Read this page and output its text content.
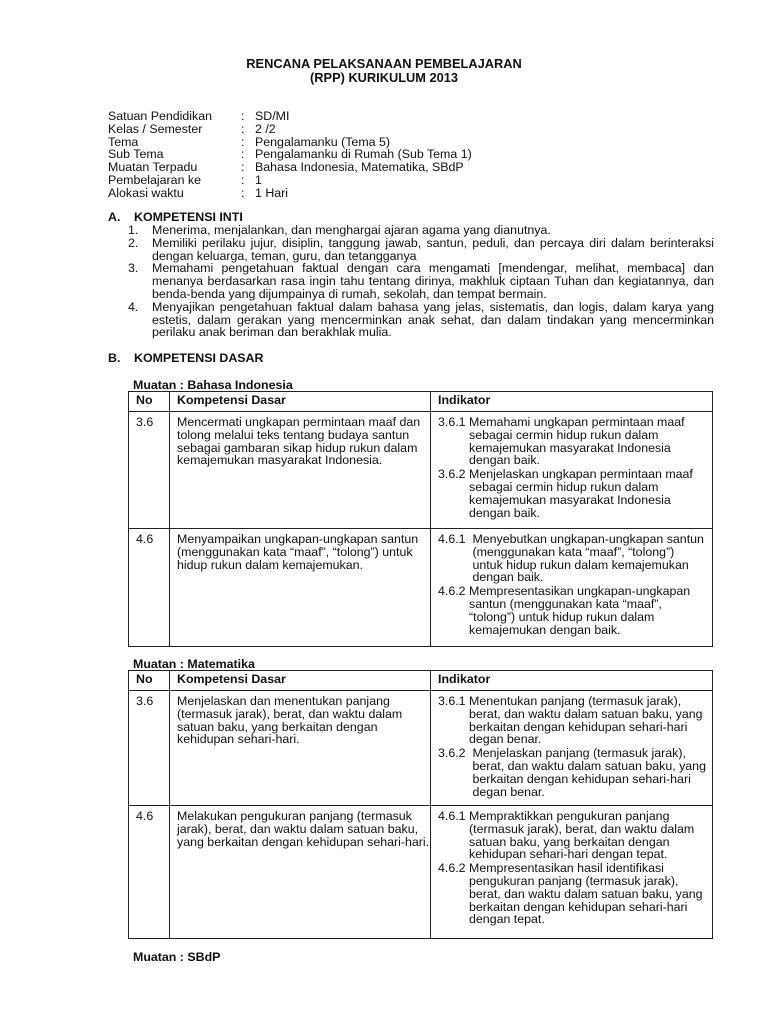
RENCANA PELAKSANAAN PEMBELAJARAN
(RPP) KURIKULUM 2013
Satuan Pendidikan : SD/MI
Kelas / Semester	: 2 /2
Tema	: Pengalamanku (Tema 5)
Sub Tema	: Pengalamanku di Rumah (Sub Tema 1)
Muatan Terpadu	: Bahasa Indonesia, Matematika, SBdP
Pembelajaran ke	: 1
Alokasi waktu	: 1 Hari
A. KOMPETENSI INTI
1. Menerima, menjalankan, dan menghargai ajaran agama yang dianutnya.
2. Memiliki perilaku jujur, disiplin, tanggung jawab, santun, peduli, dan percaya diri dalam berinteraksi dengan keluarga, teman, guru, dan tetangganya
3. Memahami pengetahuan faktual dengan cara mengamati [mendengar, melihat, membaca] dan menanya berdasarkan rasa ingin tahu tentang dirinya, makhluk ciptaan Tuhan dan kegiatannya, dan benda-benda yang dijumpainya di rumah, sekolah, dan tempat bermain.
4. Menyajikan pengetahuan faktual dalam bahasa yang jelas, sistematis, dan logis, dalam karya yang estetis, dalam gerakan yang mencerminkan anak sehat, dan dalam tindakan yang mencerminkan perilaku anak beriman dan berakhlak mulia.
B. KOMPETENSI DASAR
Muatan : Bahasa Indonesia
No	Kompetensi Dasar	Indikator

3.6	Mencermati ungkapan permintaan maaf dan tolong melalui teks tentang budaya santun sebagai gambaran sikap hidup rukun dalam kemajemukan masyarakat Indonesia.	3.6.1 Memahami ungkapan permintaan maaf sebagai cermin hidup rukun dalam kemajemukan masyarakat Indonesia dengan baik.
3.6.2 Menjelaskan ungkapan permintaan maaf sebagai cermin hidup rukun dalam kemajemukan masyarakat Indonesia dengan baik.

4.6	Menyampaikan ungkapan-ungkapan santun (menggunakan kata “maaf”, “tolong”) untuk hidup rukun dalam kemajemukan.	4.6.1 Menyebutkan ungkapan-ungkapan santun (menggunakan kata “maaf”, “tolong”) untuk hidup rukun dalam kemajemukan dengan baik.
4.6.2 Mempresentasikan ungkapan-ungkapan santun (menggunakan kata “maaf”, “tolong”) untuk hidup rukun dalam kemajemukan dengan baik.
Muatan : Matematika
No	Kompetensi Dasar	Indikator

3.6	Menjelaskan dan menentukan panjang (termasuk jarak), berat, dan waktu dalam satuan baku, yang berkaitan dengan kehidupan sehari-hari.	3.6.1 Menentukan panjang (termasuk jarak), berat, dan waktu dalam satuan baku, yang berkaitan dengan kehidupan sehari-hari degan benar.
3.6.2 Menjelaskan panjang (termasuk jarak), berat, dan waktu dalam satuan baku, yang berkaitan dengan kehidupan sehari-hari degan benar.

4.6	Melakukan pengukuran panjang (termasuk jarak), berat, dan waktu dalam satuan baku, yang berkaitan dengan kehidupan sehari-hari.	4.6.1 Mempraktikkan pengukuran panjang (termasuk jarak), berat, dan waktu dalam satuan baku, yang berkaitan dengan kehidupan sehari-hari dengan tepat.
4.6.2 Mempresentasikan hasil identifikasi pengukuran panjang (termasuk jarak), berat, dan waktu dalam satuan baku, yang berkaitan dengan kehidupan sehari-hari dengan tepat.
Muatan : SBdP
